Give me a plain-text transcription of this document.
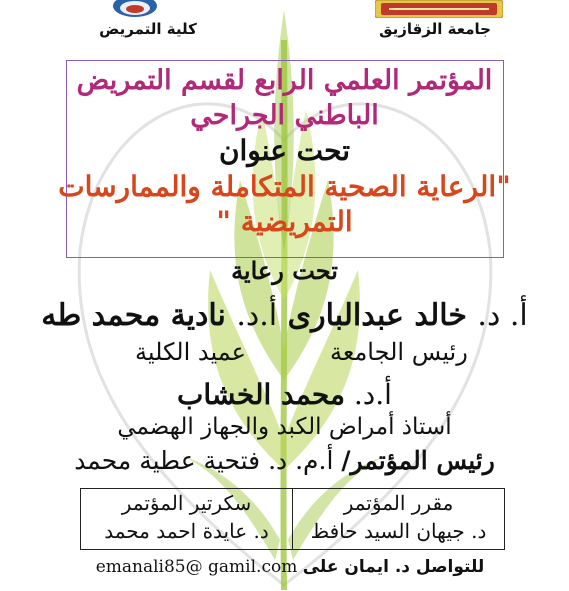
جامعة الزقازيق
كلية التمريض
المؤتمر العلمي الرابع لقسم التمريض
الباطني الجراحي
تحت عنوان
"الرعاية الصحية المتكاملة والممارسات
التمريضية "
تحت رعاية
أ. د. خالد عبدالبارى أ.د. نادية محمد طه
رئيس الجامعة
عميد الكلية
أ.د. محمد الخشاب
أستاذ أمراض الكبد والجهاز الهضمي
رئيس المؤتمر/ أ.م. د. فتحية عطية محمد
مقرر المؤتمر
د. جيهان السيد حافظ
سكرتير المؤتمر
د. عايدة احمد محمد
للتواصل د. ايمان على emanali85@ gamil.com
